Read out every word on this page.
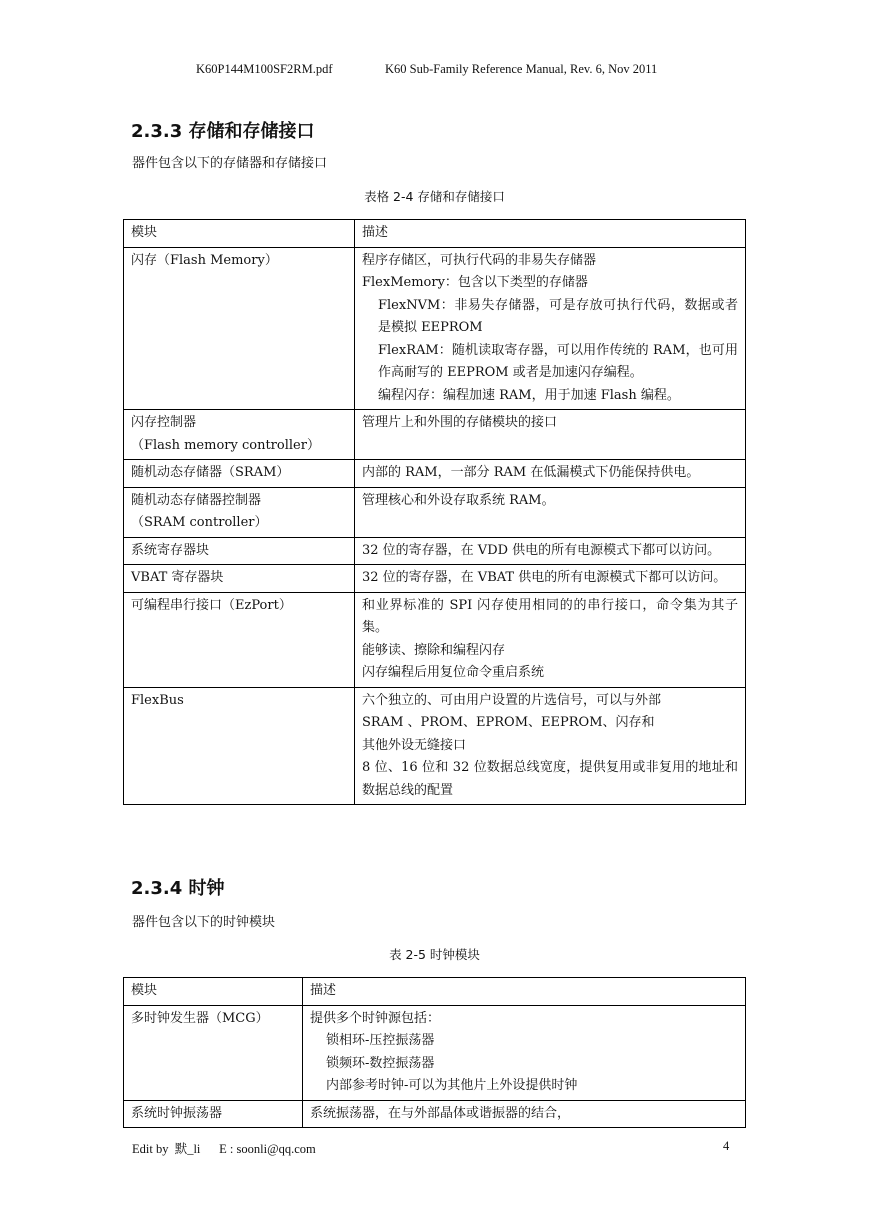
K60P144M100SF2RM.pdf	K60 Sub-Family Reference Manual, Rev. 6, Nov 2011
2.3.3 存储和存储接口
器件包含以下的存储器和存储接口
表格 2-4 存储和存储接口
模块	描述

闪存（Flash Memory）	程序存储区，可执行代码的非易失存储器
FlexMemory：包含以下类型的存储器
FlexNVM：非易失存储器，可是存放可执行代码，数据或者是模拟 EEPROM
FlexRAM：随机读取寄存器，可以用作传统的 RAM，也可用作高耐写的 EEPROM 或者是加速闪存编程。
编程闪存：编程加速 RAM，用于加速 Flash 编程。

闪存控制器
（Flash memory controller）	管理片上和外围的存储模块的接口

随机动态存储器（SRAM）	内部的 RAM，一部分 RAM 在低漏模式下仍能保持供电。

随机动态存储器控制器
（SRAM controller）	管理核心和外设存取系统 RAM。

系统寄存器块	32 位的寄存器，在 VDD 供电的所有电源模式下都可以访问。

VBAT 寄存器块	32 位的寄存器，在 VBAT 供电的所有电源模式下都可以访问。

可编程串行接口（EzPort）	和业界标准的 SPI 闪存使用相同的的串行接口，命令集为其子集。
能够读、擦除和编程闪存
闪存编程后用复位命令重启系统

FlexBus	六个独立的、可由用户设置的片选信号，可以与外部
SRAM 、PROM、EPROM、EEPROM、闪存和
其他外设无缝接口
8 位、16 位和 32 位数据总线宽度，提供复用或非复用的地址和数据总线的配置
2.3.4 时钟
器件包含以下的时钟模块
表 2-5 时钟模块
模块	描述

多时钟发生器（MCG）	提供多个时钟源包括：
锁相环-压控振荡器
锁频环-数控振荡器
内部参考时钟-可以为其他片上外设提供时钟

系统时钟振荡器	系统振荡器，在与外部晶体或谐振器的结合，
Edit by  默_li      E : soonli@qq.com	4
